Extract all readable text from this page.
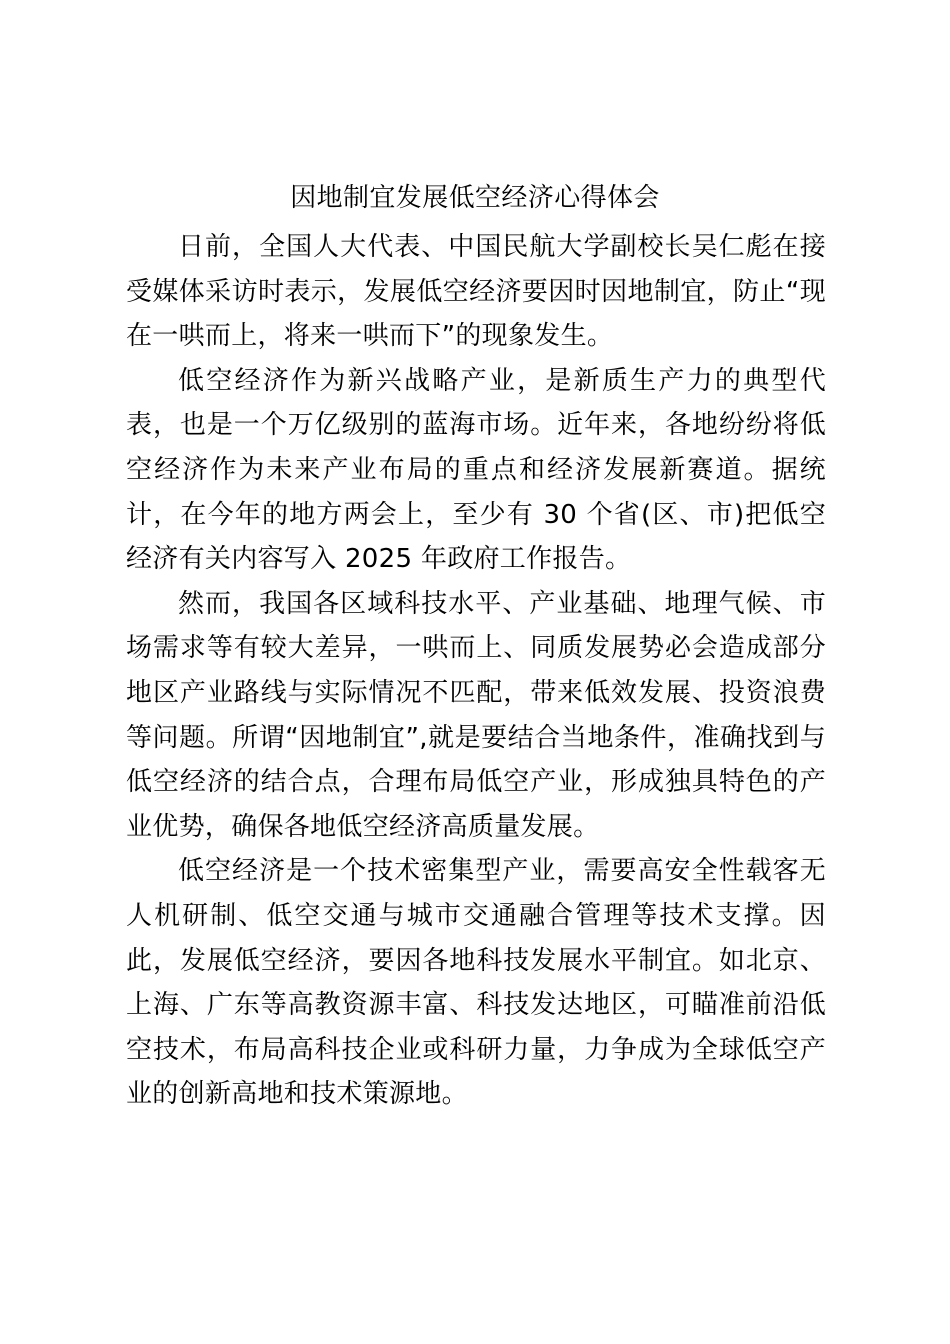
因地制宜发展低空经济心得体会

日前，全国人大代表、中国民航大学副校长吴仁彪在接受媒体采访时表示，发展低空经济要因时因地制宜，防止“现在一哄而上，将来一哄而下”的现象发生。

低空经济作为新兴战略产业，是新质生产力的典型代表，也是一个万亿级别的蓝海市场。近年来，各地纷纷将低空经济作为未来产业布局的重点和经济发展新赛道。据统计，在今年的地方两会上，至少有 30 个省(区、市)把低空经济有关内容写入 2025 年政府工作报告。

然而，我国各区域科技水平、产业基础、地理气候、市场需求等有较大差异，一哄而上、同质发展势必会造成部分地区产业路线与实际情况不匹配，带来低效发展、投资浪费等问题。所谓“因地制宜”,就是要结合当地条件，准确找到与低空经济的结合点，合理布局低空产业，形成独具特色的产业优势，确保各地低空经济高质量发展。

低空经济是一个技术密集型产业，需要高安全性载客无人机研制、低空交通与城市交通融合管理等技术支撑。因此，发展低空经济，要因各地科技发展水平制宜。如北京、上海、广东等高教资源丰富、科技发达地区，可瞄准前沿低空技术，布局高科技企业或科研力量，力争成为全球低空产业的创新高地和技术策源地。
